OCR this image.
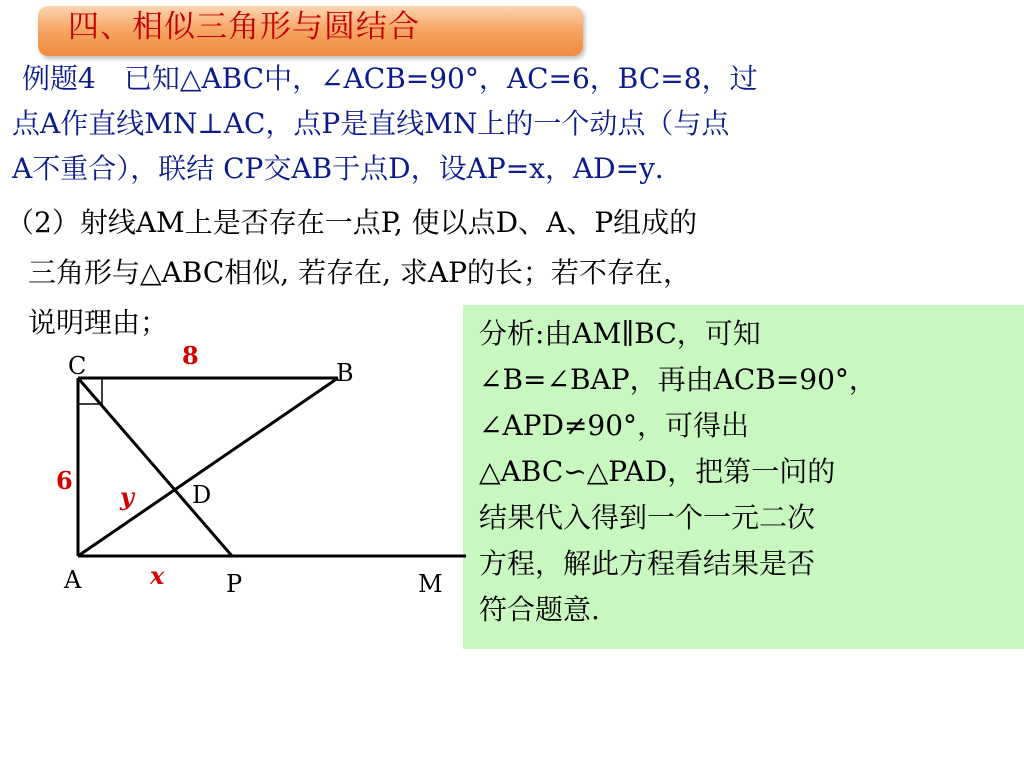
四、相似三角形与圆结合

例题4　已知△ABC中，∠ACB=90°，AC=6，BC=8，过

点A作直线MN⊥AC，点P是直线MN上的一个动点（与点

A不重合），联结 CP交AB于点D，设AP=x，AD=y．

（2）射线AM上是否存在一点P, 使以点D、A、P组成的

三角形与△ABC相似, 若存在, 求AP的长；若不存在，

说明理由；	分析:由AM∥BC，可知

∠B=∠BAP，再由ACB=90°，

∠APD≠90°，可得出

△ABC∽△PAD，把第一问的

结果代入得到一个一元二次

方程，解此方程看结果是否

符合题意.

C	B
A
D
P	M
8
6
y
x
